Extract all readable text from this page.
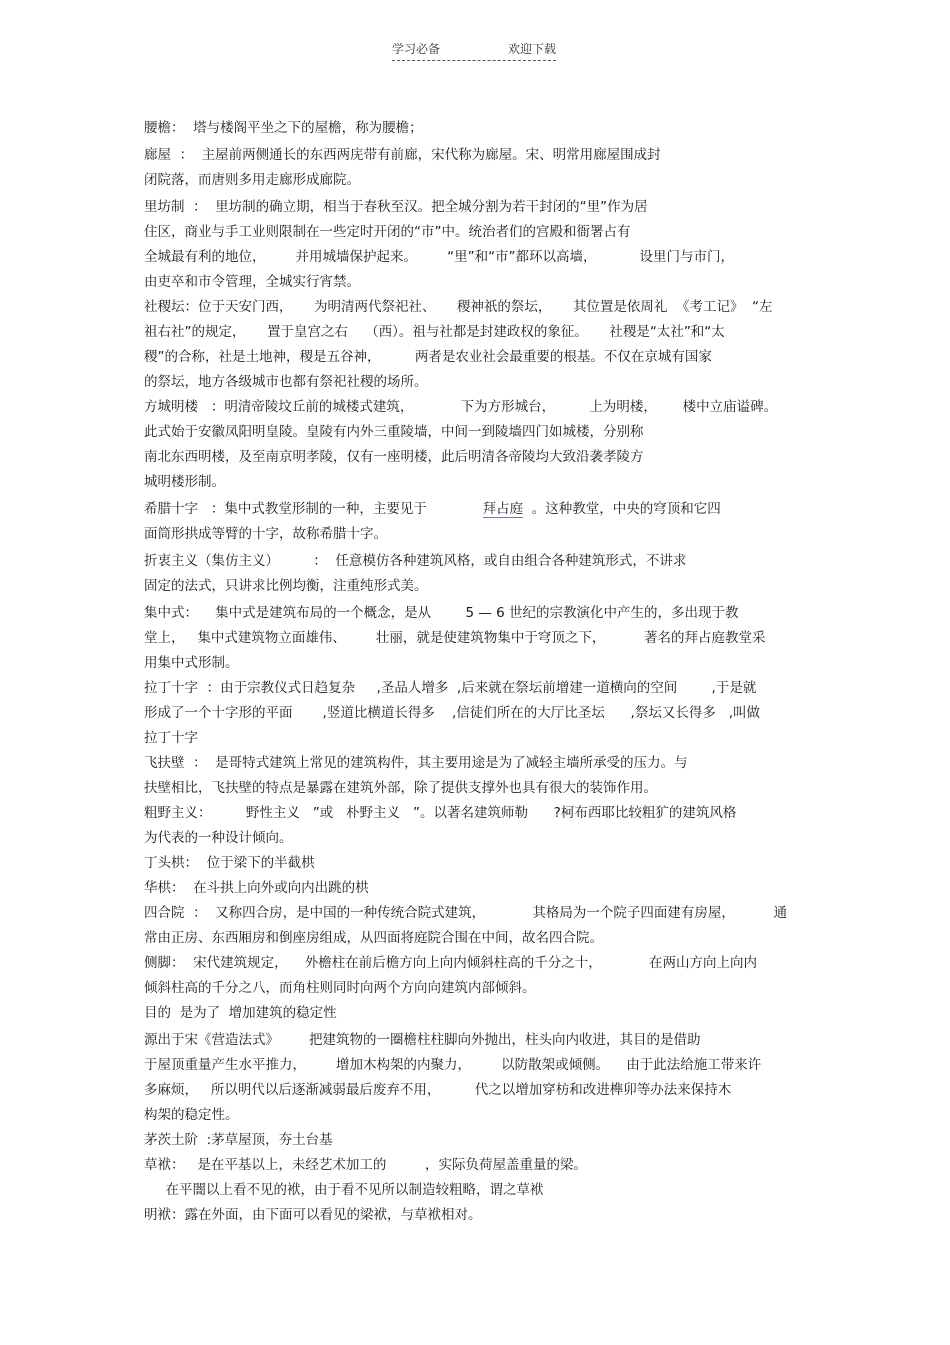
学习必备	欢迎下载
腰檐：  塔与楼阁平坐之下的屋檐，称为腰檐；
廊屋  ：  主屋前两侧通长的东西两庑带有前廊，宋代称为廊屋。宋、明常用廊屋围成封
闭院落，而唐则多用走廊形成廊院。
里坊制  ：  里坊制的确立期，相当于春秋至汉。把全城分割为若干封闭的“里”作为居
住区，商业与手工业则限制在一些定时开闭的“市”中。统治者们的宫殿和衙署占有
全城最有利的地位，       并用城墙保护起来。       “里”和“市”都环以高墙，          设里门与市门，
由吏卒和市令管理，全城实行宵禁。
社稷坛：位于天安门西，     为明清两代祭祀社、     稷神祇的祭坛，     其位置是依周礼  《考工记》  “左
祖右社”的规定，     置于皇宫之右    （西）。祖与社都是封建政权的象征。     社稷是“太社”和“太
稷”的合称，社是土地神，稷是五谷神，        两者是农业社会最重要的根基。不仅在京城有国家
的祭坛，地方各级城市也都有祭祀社稷的场所。
方城明楼   ：明清帝陵坟丘前的城楼式建筑，           下为方形城台，        上为明楼，      楼中立庙谥碑。
此式始于安徽凤阳明皇陵。皇陵有内外三重陵墙，中间一到陵墙四门如城楼，分别称
南北东西明楼，及至南京明孝陵，仅有一座明楼，此后明清各帝陵均大致沿袭孝陵方
城明楼形制。
希腊十字   ：集中式教堂形制的一种，主要见于             拜占庭  。这种教堂，中央的穹顶和它四
面筒形拱成等臂的十字，故称希腊十字。
折衷主义（集仿主义）        ：  任意模仿各种建筑风格，或自由组合各种建筑形式，不讲求
固定的法式，只讲求比例均衡，注重纯形式美。
集中式：    集中式是建筑布局的一个概念，是从        5 — 6 世纪的宗教演化中产生的，多出现于教
堂上，   集中式建筑物立面雄伟、       壮丽，就是使建筑物集中于穹顶之下，         著名的拜占庭教堂采
用集中式形制。
拉丁十字  ：由于宗教仪式日趋复杂     ,圣品人增多  ,后来就在祭坛前增建一道横向的空间        ,于是就
形成了一个十字形的平面       ,竖道比横道长得多    ,信徒们所在的大厅比圣坛      ,祭坛又长得多   ,叫做
拉丁十字
飞扶壁  ：  是哥特式建筑上常见的建筑构件，其主要用途是为了减轻主墙所承受的压力。与
扶壁相比，飞扶壁的特点是暴露在建筑外部，除了提供支撑外也具有很大的装饰作用。
粗野主义：        野性主义   ”或   朴野主义   ”。以著名建筑师勒      ?柯布西耶比较粗犷的建筑风格
为代表的一种设计倾向。
丁头栱：  位于梁下的半截栱
华栱：  在斗拱上向外或向内出跳的栱
四合院  ：  又称四合房，是中国的一种传统合院式建筑，           其格局为一个院子四面建有房屋，         通
常由正房、东西厢房和倒座房组成，从四面将庭院合围在中间，故名四合院。
侧脚：  宋代建筑规定，    外檐柱在前后檐方向上向内倾斜柱高的千分之十，           在两山方向上向内
倾斜柱高的千分之八，而角柱则同时向两个方向向建筑内部倾斜。
目的  是为了  增加建筑的稳定性
源出于宋《营造法式》       把建筑物的一圈檐柱柱脚向外抛出，柱头向内收进，其目的是借助
于屋顶重量产生水平推力，       增加木构架的内聚力，       以防散架或倾侧。    由于此法给施工带来许
多麻烦，   所以明代以后逐渐减弱最后废弃不用，        代之以增加穿枋和改进榫卯等办法来保持木
构架的稳定性。
茅茨土阶  :茅草屋顶，夯土台基
草袱：   是在平基以上，未经艺术加工的         ，实际负荷屋盖重量的梁。
在平闇以上看不见的袱，由于看不见所以制造较粗略，谓之草袱
明袱：露在外面，由下面可以看见的梁袱，与草袱相对。
